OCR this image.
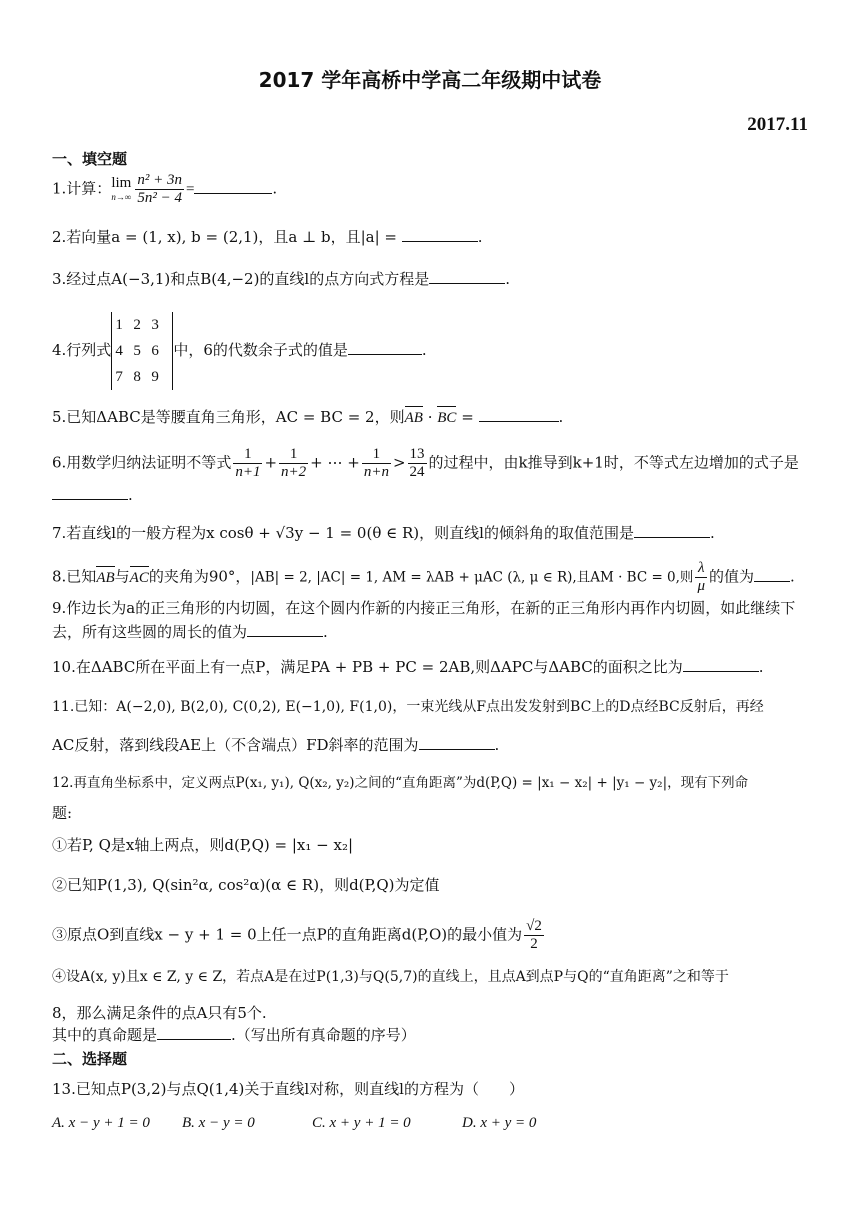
2017 学年高桥中学高二年级期中试卷
2017.11
一、填空题
1.计算：lim
$n\to\infty \frac{\text{n² + 3n}}{\text{5n² − 4}}$ =	.
2.若向量a = (1, x), b = (2,1)，且a ⊥ b，且|a| =	.
3.经过点A(−3,1)和点B(4,−2)的直线l的点方向式方程是	.
4.行列式
1 2 3
4 5 6
7 8 9
中，6的代数余子式的值是	.
5.已知ΔABC是等腰直角三角形，AC = BC = 2，则AB · BC =	.
6.用数学归纳法证明不等式 $\frac{1}{n+1} + \frac{1}{n+2}$ + ⋯ + $\frac{1}{n+n} > \frac{13}{24}$ 的过程中，由k推导到k+1时，不等式左边增加的式子是
.
7.若直线l的一般方程为x cosθ + √3y − 1 = 0(θ ∈ R)，则直线l的倾斜角的取值范围是	.
8.已知AB与AC的夹角为90°，|AB| = 2, |AC| = 1, AM = λAB + μAC (λ, μ ∈ R),且AM · BC = 0,则 $\frac{\lambda}{\mu}$ 的值为 .
9.作边长为a的正三角形的内切圆，在这个圆内作新的内接正三角形，在新的正三角形内再作内切圆，如此继续下去，所有这些圆的周长的值为	.
10.在ΔABC所在平面上有一点P，满足PA + PB + PC = 2AB,则ΔAPC与ΔABC的面积之比为	.
11.已知：A(−2,0), B(2,0), C(0,2), E(−1,0), F(1,0)，一束光线从F点出发发射到BC上的D点经BC反射后，再经
AC反射，落到线段AE上（不含端点）FD斜率的范围为	.
12.再直角坐标系中，定义两点P(x₁, y₁), Q(x₂, y₂)之间的“直角距离”为d(P,Q) = |x₁ − x₂| + |y₁ − y₂|，现有下列命
题:
①若P, Q是x轴上两点，则d(P,Q) = |x₁ − x₂|
②已知P(1,3), Q(sin²α, cos²α)(α ∈ R)，则d(P,Q)为定值
③原点O到直线x − y + 1 = 0上任一点P的直角距离d(P,O)的最小值为 $\frac{√2}{2}$
④设A(x, y)且x ∈ Z, y ∈ Z，若点A是在过P(1,3)与Q(5,7)的直线上，且点A到点P与Q的“直角距离”之和等于
8，那么满足条件的点A只有5个.
其中的真命题是	.（写出所有真命题的序号）
二、选择题
13.已知点P(3,2)与点Q(1,4)关于直线l对称，则直线l的方程为（　　）
A. x − y + 1 = 0 B. x − y = 0	C. x + y + 1 = 0	D. x + y = 0
